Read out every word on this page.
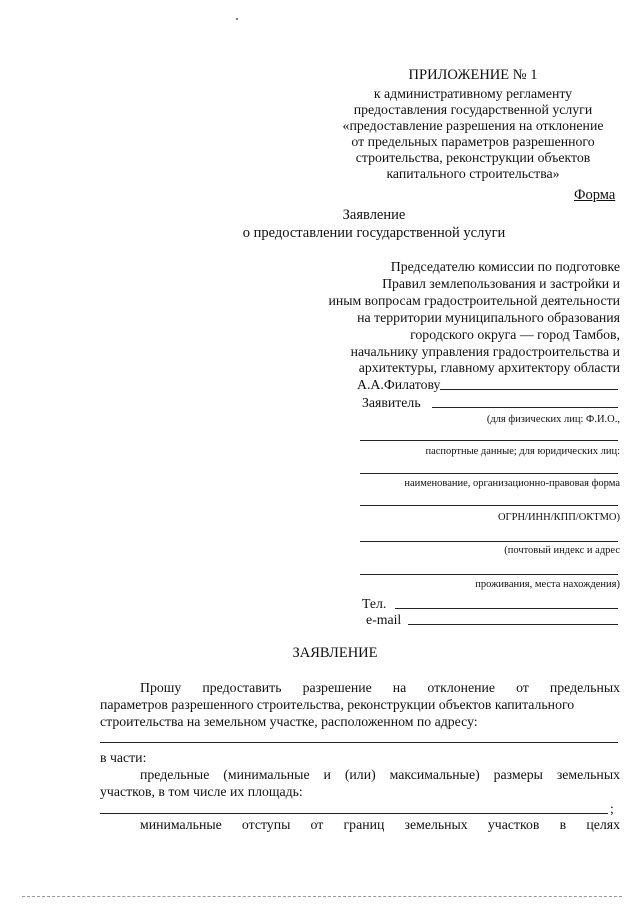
ПРИЛОЖЕНИЕ № 1
к административному регламенту
предоставления государственной услуги
«предоставление разрешения на отклонение
от предельных параметров разрешенного
строительства, реконструкции объектов
капитального строительства»
Форма
Заявление
о предоставлении государственной услуги
Председателю комиссии по подготовке
Правил землепользования и застройки и
иным вопросам градостроительной деятельности
на территории муниципального образования
городского округа — город Тамбов,
начальнику управления градостроительства и
архитектуры, главному архитектору области
А.А.Филатову
Заявитель
(для физических лиц: Ф.И.О.,
паспортные данные; для юридических лиц:
наименование, организационно-правовая форма
ОГРН/ИНН/КПП/ОКТМО)
(почтовый индекс и адрес
проживания, места нахождения)
Тел.
e-mail
ЗАЯВЛЕНИЕ
Прошу предоставить разрешение на отклонение от предельных
параметров разрешенного строительства, реконструкции объектов капитального
строительства на земельном участке, расположенном по адресу:
в части:
предельные (минимальные и (или) максимальные) размеры земельных
участков, в том числе их площадь:
;
минимальные отступы от границ земельных участков в целях
